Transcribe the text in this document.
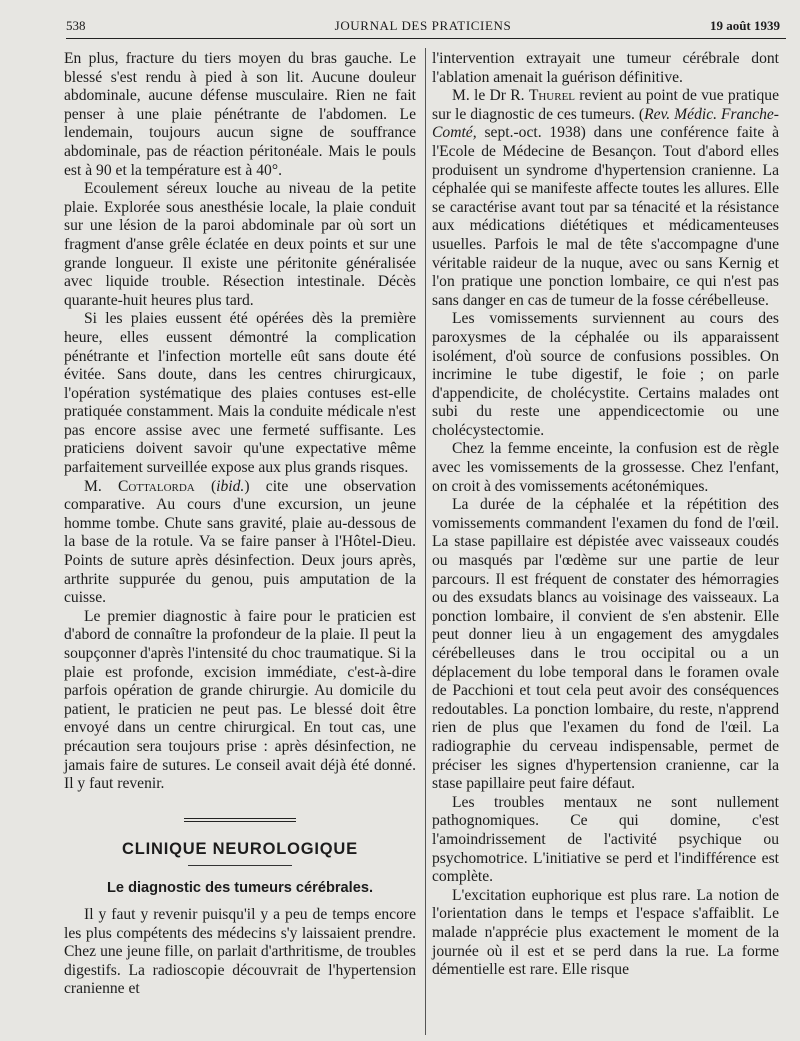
538	JOURNAL DES PRATICIENS	19 août 1939

En plus, fracture du tiers moyen du bras gauche. Le blessé s'est rendu à pied à son lit. Aucune douleur abdominale, aucune défense musculaire. Rien ne fait penser à une plaie pénétrante de l'abdomen. Le lendemain, toujours aucun signe de souffrance abdominale, pas de réaction péritonéale. Mais le pouls est à 90 et la température est à 40°.

Ecoulement séreux louche au niveau de la petite plaie. Explorée sous anesthésie locale, la plaie conduit sur une lésion de la paroi abdominale par où sort un fragment d'anse grêle éclatée en deux points et sur une grande longueur. Il existe une péritonite généralisée avec liquide trouble. Résection intestinale. Décès quarante-huit heures plus tard.

Si les plaies eussent été opérées dès la première heure, elles eussent démontré la complication pénétrante et l'infection mortelle eût sans doute été évitée. Sans doute, dans les centres chirurgicaux, l'opération systématique des plaies contuses est-elle pratiquée constamment. Mais la conduite médicale n'est pas encore assise avec une fermeté suffisante. Les praticiens doivent savoir qu'une expectative même parfaitement surveillée expose aux plus grands risques.

M. Cottalorda (ibid.) cite une observation comparative. Au cours d'une excursion, un jeune homme tombe. Chute sans gravité, plaie au-dessous de la base de la rotule. Va se faire panser à l'Hôtel-Dieu. Points de suture après désinfection. Deux jours après, arthrite suppurée du genou, puis amputation de la cuisse.

Le premier diagnostic à faire pour le praticien est d'abord de connaître la profondeur de la plaie. Il peut la soupçonner d'après l'intensité du choc traumatique. Si la plaie est profonde, excision immédiate, c'est-à-dire parfois opération de grande chirurgie. Au domicile du patient, le praticien ne peut pas. Le blessé doit être envoyé dans un centre chirurgical. En tout cas, une précaution sera toujours prise : après désinfection, ne jamais faire de sutures. Le conseil avait déjà été donné. Il y faut revenir.

CLINIQUE NEUROLOGIQUE
Le diagnostic des tumeurs cérébrales.

Il y faut y revenir puisqu'il y a peu de temps encore les plus compétents des médecins s'y laissaient prendre. Chez une jeune fille, on parlait d'arthritisme, de troubles digestifs. La radioscopie découvrait de l'hypertension cranienne et

l'intervention extrayait une tumeur cérébrale dont l'ablation amenait la guérison définitive.

M. le Dr R. Thurel revient au point de vue pratique sur le diagnostic de ces tumeurs. (Rev. Médic. Franche-Comté, sept.-oct. 1938) dans une conférence faite à l'Ecole de Médecine de Besançon. Tout d'abord elles produisent un syndrome d'hypertension cranienne. La céphalée qui se manifeste affecte toutes les allures. Elle se caractérise avant tout par sa ténacité et la résistance aux médications diététiques et médicamenteuses usuelles. Parfois le mal de tête s'accompagne d'une véritable raideur de la nuque, avec ou sans Kernig et l'on pratique une ponction lombaire, ce qui n'est pas sans danger en cas de tumeur de la fosse cérébelleuse.

Les vomissements surviennent au cours des paroxysmes de la céphalée ou ils apparaissent isolément, d'où source de confusions possibles. On incrimine le tube digestif, le foie ; on parle d'appendicite, de cholécystite. Certains malades ont subi du reste une appendicectomie ou une cholécystectomie.

Chez la femme enceinte, la confusion est de règle avec les vomissements de la grossesse. Chez l'enfant, on croit à des vomissements acétonémiques.

La durée de la céphalée et la répétition des vomissements commandent l'examen du fond de l'œil. La stase papillaire est dépistée avec vaisseaux coudés ou masqués par l'œdème sur une partie de leur parcours. Il est fréquent de constater des hémorragies ou des exsudats blancs au voisinage des vaisseaux. La ponction lombaire, il convient de s'en abstenir. Elle peut donner lieu à un engagement des amygdales cérébelleuses dans le trou occipital ou a un déplacement du lobe temporal dans le foramen ovale de Pacchioni et tout cela peut avoir des conséquences redoutables. La ponction lombaire, du reste, n'apprend rien de plus que l'examen du fond de l'œil. La radiographie du cerveau indispensable, permet de préciser les signes d'hypertension cranienne, car la stase papillaire peut faire défaut.

Les troubles mentaux ne sont nullement pathognomiques. Ce qui domine, c'est l'amoindrissement de l'activité psychique ou psychomotrice. L'initiative se perd et l'indifférence est complète.

L'excitation euphorique est plus rare. La notion de l'orientation dans le temps et l'espace s'affaiblit. Le malade n'apprécie plus exactement le moment de la journée où il est et se perd dans la rue. La forme démentielle est rare. Elle risque
